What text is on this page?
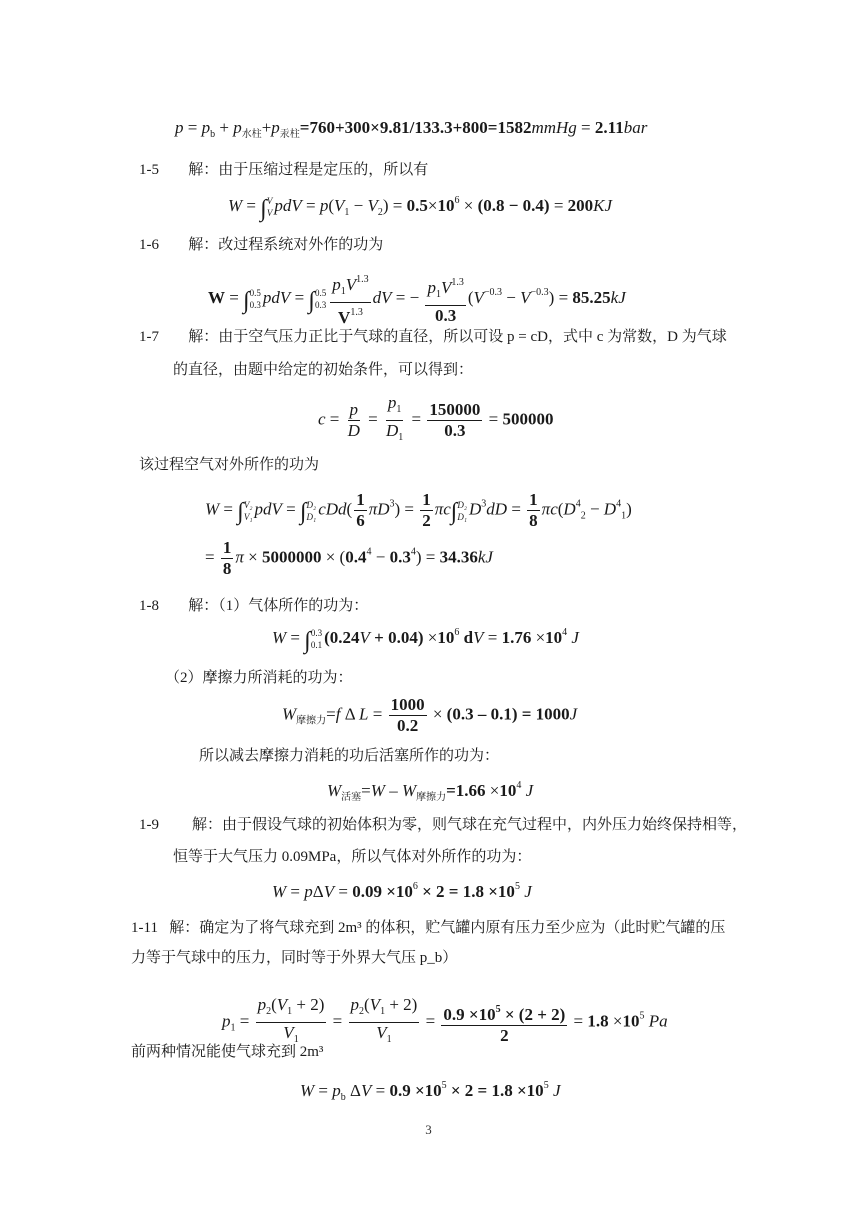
$p = p_b$ + $p_{水柱}+p_{汞柱}=760+300\times 9.81/133.3+800=1582mmHg = 2.11bar$
1-5 解：由于压缩过程是定压的，所以有
W = ∫ V
V pdV = $p(V_1 - V_2) = 0.5\times 10^6 \times (0.8 - 0.4) = 200KJ$
1-6 解：改过程系统对外作的功为
W = ∫ 0.5
0.3 pdV = ∫ 0.5
$0.3 \frac{p_1V^{1.3}}{V^{1.3}}$ dV = − $\frac{p_1V^{1.3}}{0.3} (V^{-0.3} - V^{-0.3}) = 85.25kJ$
1-7 解：由于空气压力正比于气球的直径，所以可设 p = cD，式中 c 为常数，D 为气球
的直径，由题中给定的初始条件，可以得到：
$c = \frac{p}{D} = \frac{p_1}{D_1} = \frac{150000}{0.3} = 500000$
该过程空气对外所作的功为
W = ∫ V₂
V₁ pdV = ∫ D₂
D₁ $cDd( \frac{1}{6} \pi D^3) = \frac{1}{2} \pi c\int$ D₂
D₁ $D^3dD = \frac{1}{8} \pi c(D^4_2 - D^4_1)$
= $\frac{1}{8}$ $\pi \times 5000000 \times (0.4^4 - 0.3^4) = 34.36kJ$
1-8 解：（1）气体所作的功为：
W = ∫ 0.3
0.1 $(0.24V + 0.04) \times 10^6$ dV = $1.76 \times 10^4$ J
（2）摩擦力所消耗的功为：
$W_{摩擦力}=f$ Δ $L = \frac{1000}{0.2} \times (0.3 - 0.1) = 1000J$
所以减去摩擦力消耗的功后活塞所作的功为：
$W_{活塞}=W - W_{摩擦力}=1.66 \times 10^4$ J
1-9 解：由于假设气球的初始体积为零，则气球在充气过程中，内外压力始终保持相等，
恒等于大气压力 0.09MPa，所以气体对外所作的功为：
$W = p\Delta V = 0.09 \times 10^6 \times 2 = 1.8 \times 10^5$ J
1-11 解：确定为了将气球充到 2m³ 的体积，贮气罐内原有压力至少应为（此时贮气罐的压
力等于气球中的压力，同时等于外界大气压 p_b）
$p_1 = \frac{p_2(V_1 + 2)}{V_1} = \frac{p_2(V_1 + 2)}{V_1} = \frac{0.9 \times 10^5 \times (2 + 2)}{2} = 1.8 \times 10^5$ Pa
前两种情况能使气球充到 2m³
$W = p_b$ $\Delta V = 0.9 \times 10^5 \times 2 = 1.8 \times 10^5$ J
3
